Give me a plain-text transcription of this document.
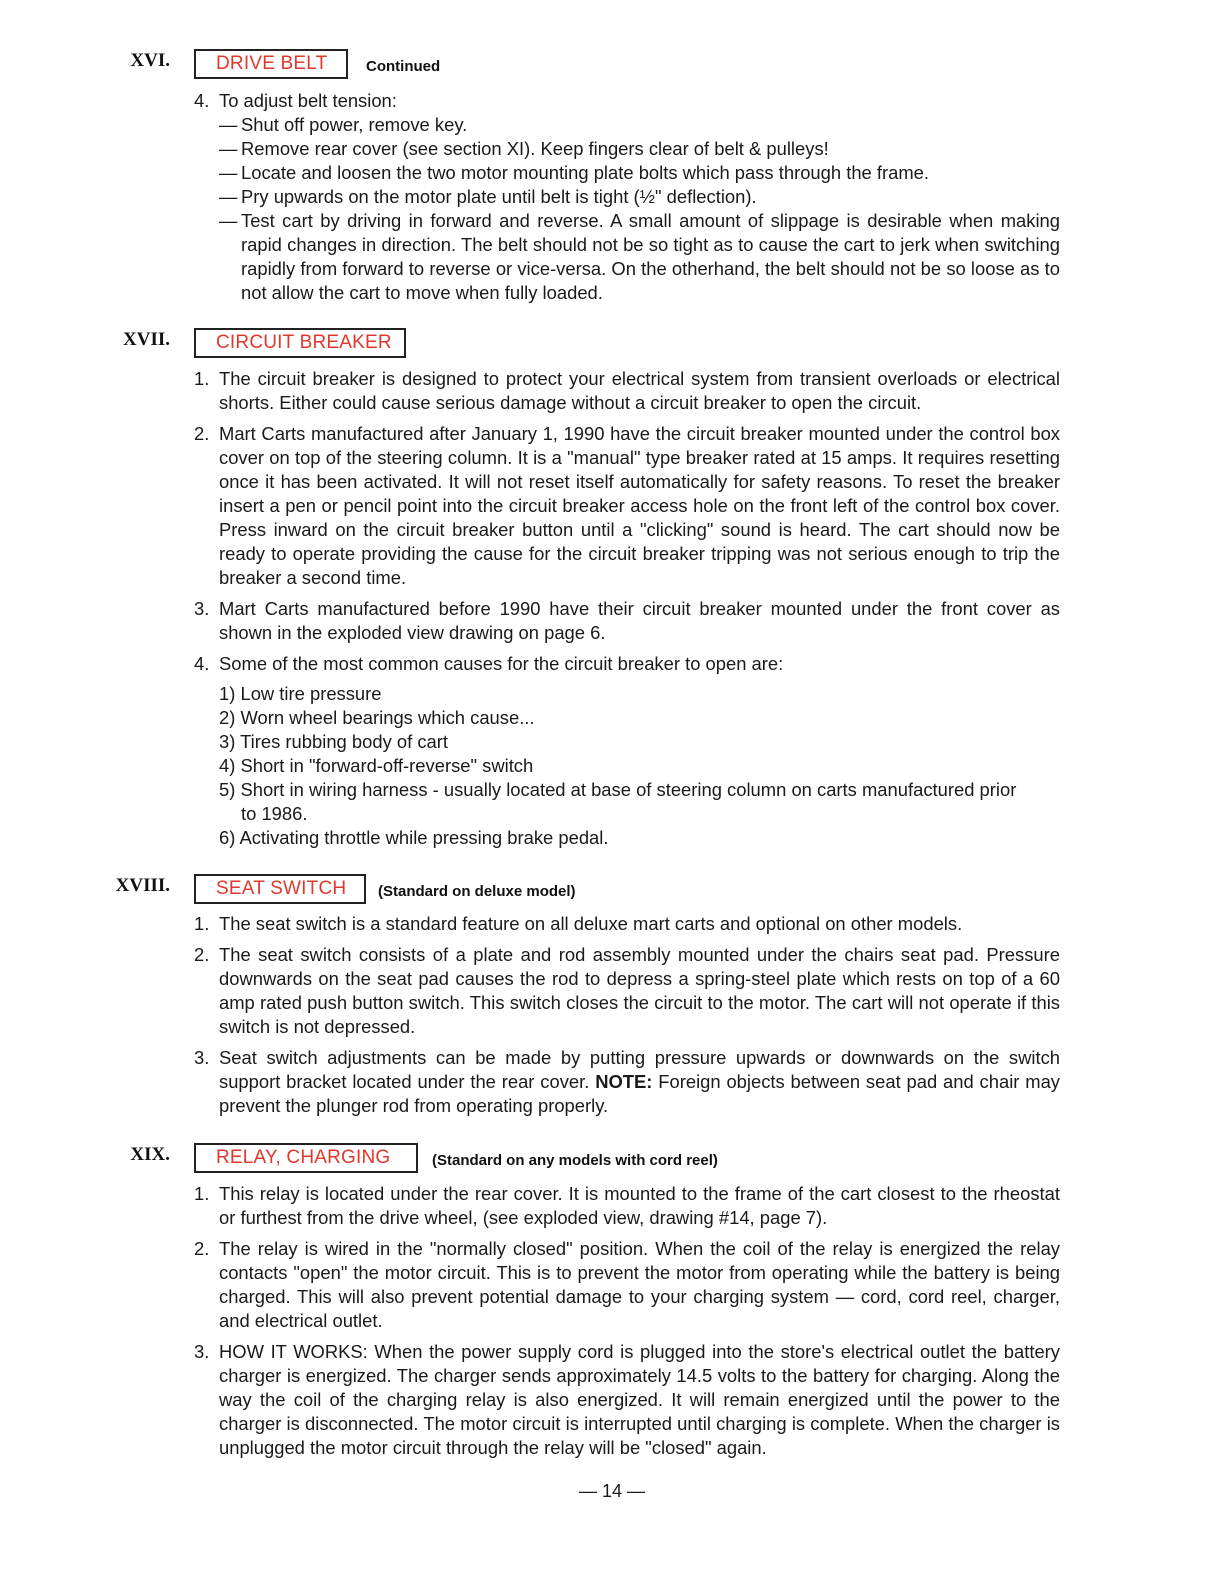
XVI.	DRIVE BELT	Continued
4. To adjust belt tension:
— Shut off power, remove key.
— Remove rear cover (see section XI). Keep fingers clear of belt & pulleys!
— Locate and loosen the two motor mounting plate bolts which pass through the frame.
— Pry upwards on the motor plate until belt is tight (½" deflection).
— Test cart by driving in forward and reverse. A small amount of slippage is desirable when making rapid changes in direction. The belt should not be so tight as to cause the cart to jerk when switching rapidly from forward to reverse or vice-versa. On the otherhand, the belt should not be so loose as to not allow the cart to move when fully loaded.
XVII.	CIRCUIT BREAKER
1. The circuit breaker is designed to protect your electrical system from transient overloads or electrical shorts. Either could cause serious damage without a circuit breaker to open the circuit.
2. Mart Carts manufactured after January 1, 1990 have the circuit breaker mounted under the control box cover on top of the steering column. It is a "manual" type breaker rated at 15 amps. It requires resetting once it has been activated. It will not reset itself automatically for safety reasons. To reset the breaker insert a pen or pencil point into the circuit breaker access hole on the front left of the control box cover. Press inward on the circuit breaker button until a "clicking" sound is heard. The cart should now be ready to operate providing the cause for the circuit breaker tripping was not serious enough to trip the breaker a second time.
3. Mart Carts manufactured before 1990 have their circuit breaker mounted under the front cover as shown in the exploded view drawing on page 6.
4. Some of the most common causes for the circuit breaker to open are:
1) Low tire pressure
2) Worn wheel bearings which cause...
3) Tires rubbing body of cart
4) Short in "forward-off-reverse" switch
5) Short in wiring harness - usually located at base of steering column on carts manufactured prior
to 1986.
6) Activating throttle while pressing brake pedal.
XVIII.	SEAT SWITCH	(Standard on deluxe model)
1. The seat switch is a standard feature on all deluxe mart carts and optional on other models.
2. The seat switch consists of a plate and rod assembly mounted under the chairs seat pad. Pressure downwards on the seat pad causes the rod to depress a spring-steel plate which rests on top of a 60 amp rated push button switch. This switch closes the circuit to the motor. The cart will not operate if this switch is not depressed.
3. Seat switch adjustments can be made by putting pressure upwards or downwards on the switch support bracket located under the rear cover. NOTE: Foreign objects between seat pad and chair may prevent the plunger rod from operating properly.
XIX.	RELAY, CHARGING	(Standard on any models with cord reel)
1. This relay is located under the rear cover. It is mounted to the frame of the cart closest to the rheostat or furthest from the drive wheel, (see exploded view, drawing #14, page 7).
2. The relay is wired in the "normally closed" position. When the coil of the relay is energized the relay contacts "open" the motor circuit. This is to prevent the motor from operating while the battery is being charged. This will also prevent potential damage to your charging system — cord, cord reel, charger, and electrical outlet.
3. HOW IT WORKS: When the power supply cord is plugged into the store's electrical outlet the battery charger is energized. The charger sends approximately 14.5 volts to the battery for charging. Along the way the coil of the charging relay is also energized. It will remain energized until the power to the charger is disconnected. The motor circuit is interrupted until charging is complete. When the charger is unplugged the motor circuit through the relay will be "closed" again.
— 14 —
